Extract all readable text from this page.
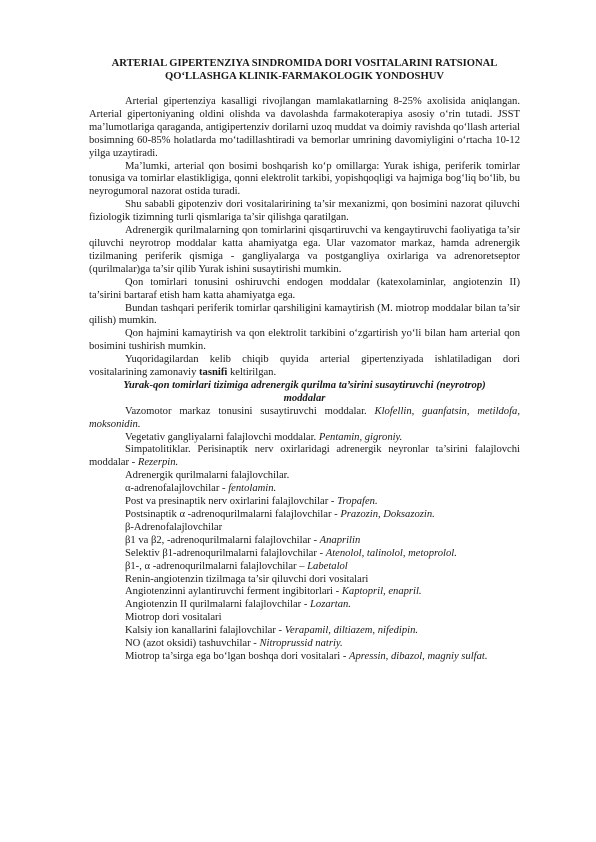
ARTERIAL GIPERTENZIYA SINDROMIDA DORI VOSITALARINI RATSIONAL
QO‘LLASHGA KLINIK-FARMAKOLOGIK YONDOSHUV

Arterial gipertenziya kasalligi rivojlangan mamlakatlarning 8-25% axolisida aniqlangan. Arterial gipertoniyaning oldini olishda va davolashda farmakoterapiya asosiy o‘rin tutadi. JSST ma’lumotlariga qaraganda, antigipertenziv dorilarni uzoq muddat va doimiy ravishda qo‘llash arterial bosimning 60-85% holatlarda mo‘tadillashtiradi va bemorlar umrining davomiyligini o‘rtacha 10-12 yilga uzaytiradi.

Ma’lumki, arterial qon bosimi boshqarish ko‘p omillarga: Yurak ishiga, periferik tomirlar tonusiga va tomirlar elastikligiga, qonni elektrolit tarkibi, yopishqoqligi va hajmiga bog‘liq bo‘lib, bu neyrogumoral nazorat ostida turadi.

Shu sababli gipotenziv dori vositalaririning ta’sir mexanizmi, qon bosimini nazorat qiluvchi fiziologik tizimning turli qismlariga ta’sir qilishga qaratilgan.

Adrenergik qurilmalarning qon tomirlarini qisqartiruvchi va kengaytiruvchi faoliyatiga ta’sir qiluvchi neyrotrop moddalar katta ahamiyatga ega. Ular vazomator markaz, hamda adrenergik tizilmaning periferik qismiga - gangliyalarga va postgangliya oxirlariga va adrenoretseptor (qurilmalar)ga ta’sir qilib Yurak ishini susaytirishi mumkin.

Qon tomirlari tonusini oshiruvchi endogen moddalar (katexolaminlar, angiotenzin II) ta’sirini bartaraf etish ham katta ahamiyatga ega.

Bundan tashqari periferik tomirlar qarshiligini kamaytirish (M. miotrop moddalar bilan ta’sir qilish) mumkin.

Qon hajmini kamaytirish va qon elektrolit tarkibini o‘zgartirish yo‘li bilan ham arterial qon bosimini tushirish mumkin.

Yuqoridagilardan kelib chiqib quyida arterial gipertenziyada ishlatiladigan dori vositalarining zamonaviy tasnifi keltirilgan.

Yurak-qon tomirlari tizimiga adrenergik qurilma ta’sirini susaytiruvchi (neyrotrop)
moddalar
Vazomotor markaz tonusini susaytiruvchi moddalar. Klofellin, guanfatsin, metildofa, moksonidin.
Vegetativ gangliyalarni falajlovchi moddalar. Pentamin, gigroniy.
Simpatolitiklar. Perisinaptik nerv oxirlaridagi adrenergik neyronlar ta’sirini falajlovchi moddalar - Rezerpin.
Adrenergik qurilmalarni falajlovchilar.
α-adrenofalajlovchilar - fentolamin.
Post va presinaptik nerv oxirlarini falajlovchilar - Tropafen.
Postsinaptik α -adrenoqurilmalarni falajlovchilar - Prazozin, Doksazozin.
β-Adrenofalajlovchilar
β1 va β2, -adrenoqurilmalarni falajlovchilar - Anaprilin
Selektiv β1-adrenoqurilmalarni falajlovchilar - Atenolol, talinolol, metoprolol.
β1-, α -adrenoqurilmalarni falajlovchilar – Labetalol
Renin-angiotenzin tizilmaga ta’sir qiluvchi dori vositalari
Angiotenzinni aylantiruvchi ferment ingibitorlari - Kaptopril, enapril.
Angiotenzin II qurilmalarni falajlovchilar - Lozartan.
Miotrop dori vositalari
Kalsiy ion kanallarini falajlovchilar - Verapamil, diltiazem, nifedipin.
NO (azot oksidi) tashuvchilar - Nitroprussid natriy.
Miotrop ta’sirga ega bo‘lgan boshqa dori vositalari - Apressin, dibazol, magniy sulfat.
